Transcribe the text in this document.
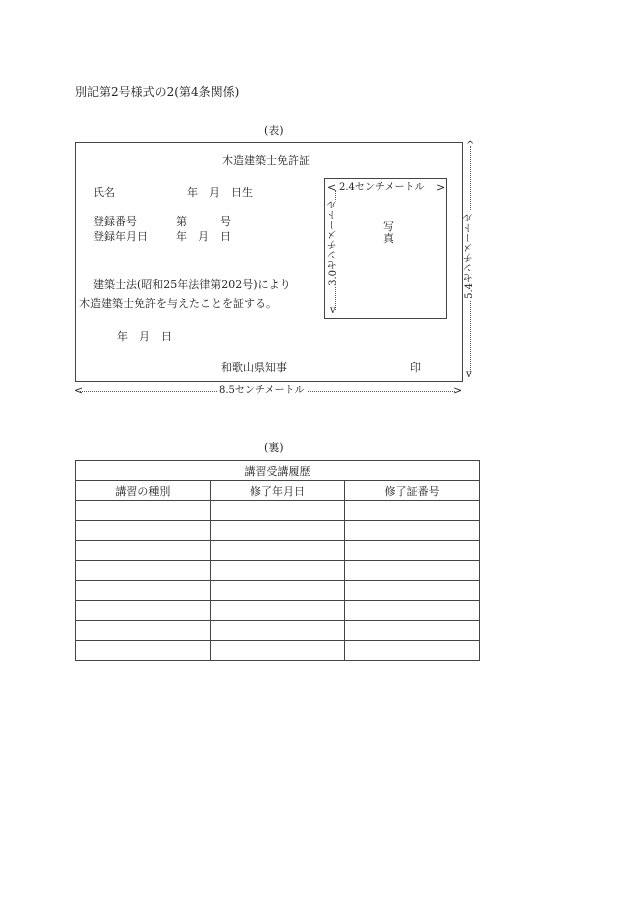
別記第2号様式の2(第4条関係)
(表)
木造建築士免許証
氏名	年　月　日生
登録番号	第　　　号
登録年月日	年　月　日
建築士法(昭和25年法律第202号)により
木造建築士免許を与えたことを証する。
年　月　日
和歌山県知事	印
写
真
< 2.4センチメートル >
v
3.0センチメートル
<	>
8.5センチメートル
^
v
5.4センチメートル
(裏)
講習受講履歴		
講習の種別	修了年月日	修了証番号
